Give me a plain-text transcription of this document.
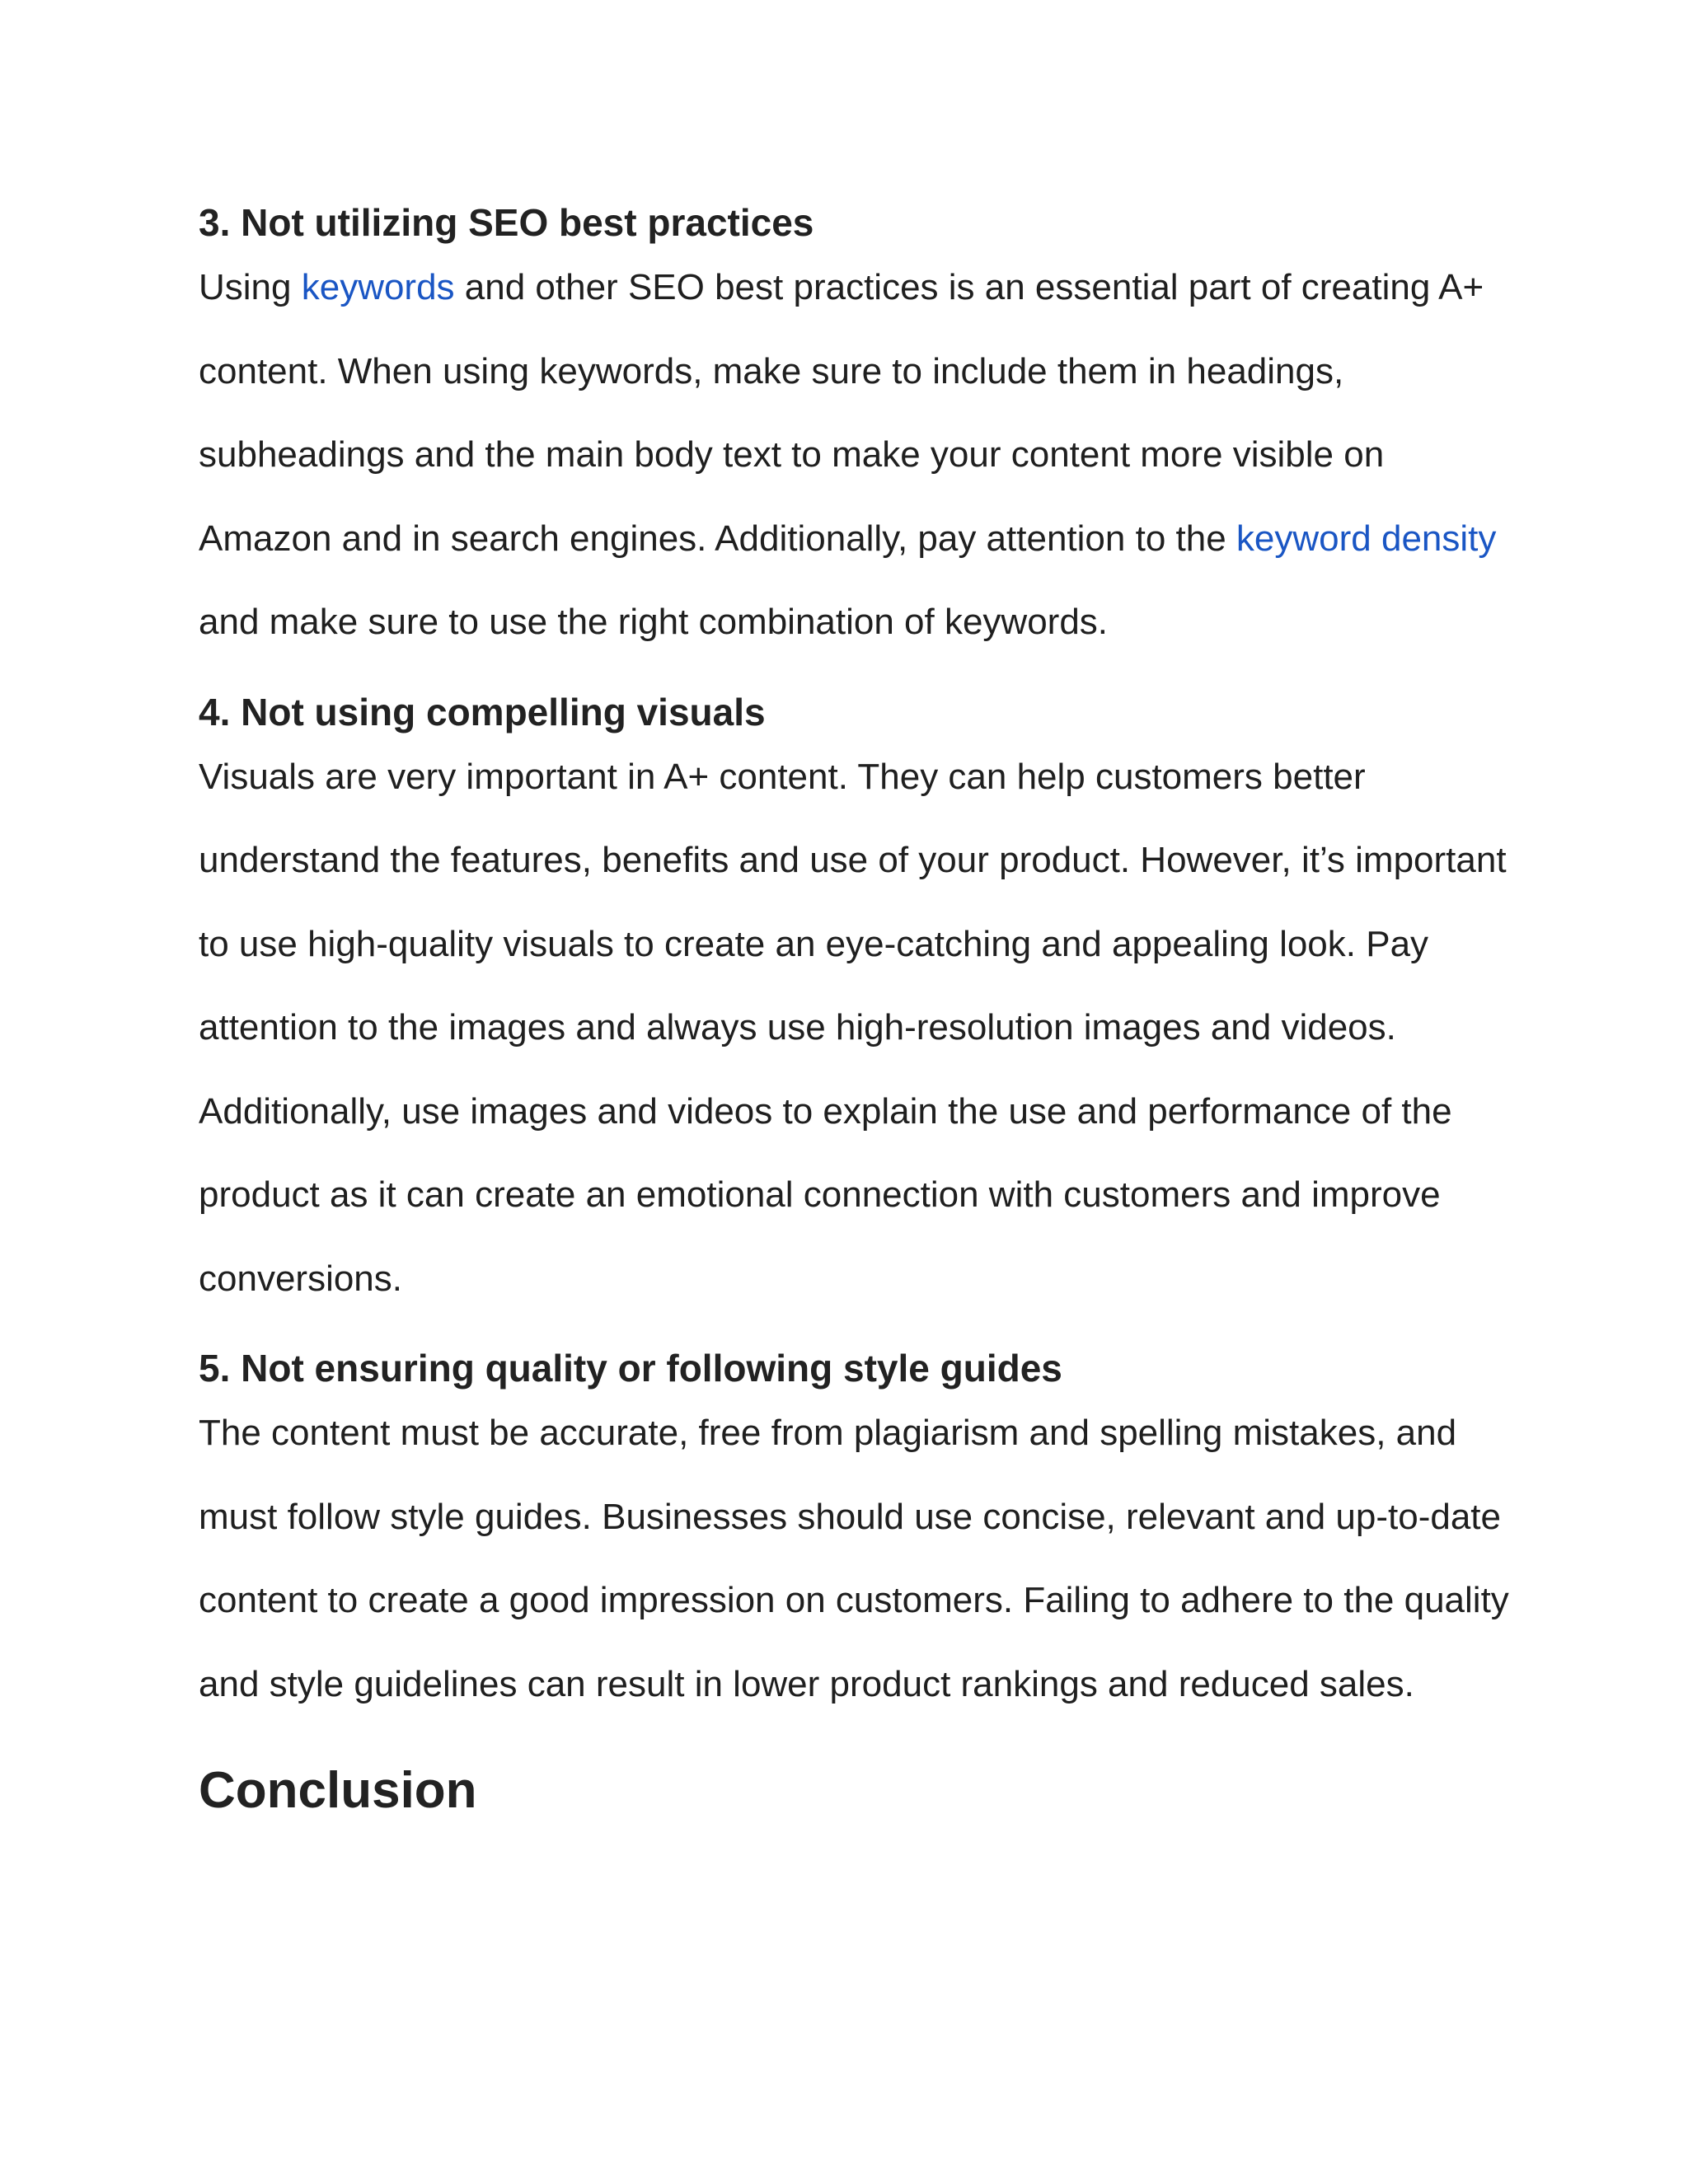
3. Not utilizing SEO best practices

Using keywords and other SEO best practices is an essential part of creating A+ content. When using keywords, make sure to include them in headings, subheadings and the main body text to make your content more visible on Amazon and in search engines. Additionally, pay attention to the keyword density and make sure to use the right combination of keywords.

4. Not using compelling visuals

Visuals are very important in A+ content. They can help customers better understand the features, benefits and use of your product. However, it’s important to use high-quality visuals to create an eye-catching and appealing look. Pay attention to the images and always use high-resolution images and videos. Additionally, use images and videos to explain the use and performance of the product as it can create an emotional connection with customers and improve conversions.

5. Not ensuring quality or following style guides

The content must be accurate, free from plagiarism and spelling mistakes, and must follow style guides. Businesses should use concise, relevant and up-to-date content to create a good impression on customers. Failing to adhere to the quality and style guidelines can result in lower product rankings and reduced sales.

Conclusion
